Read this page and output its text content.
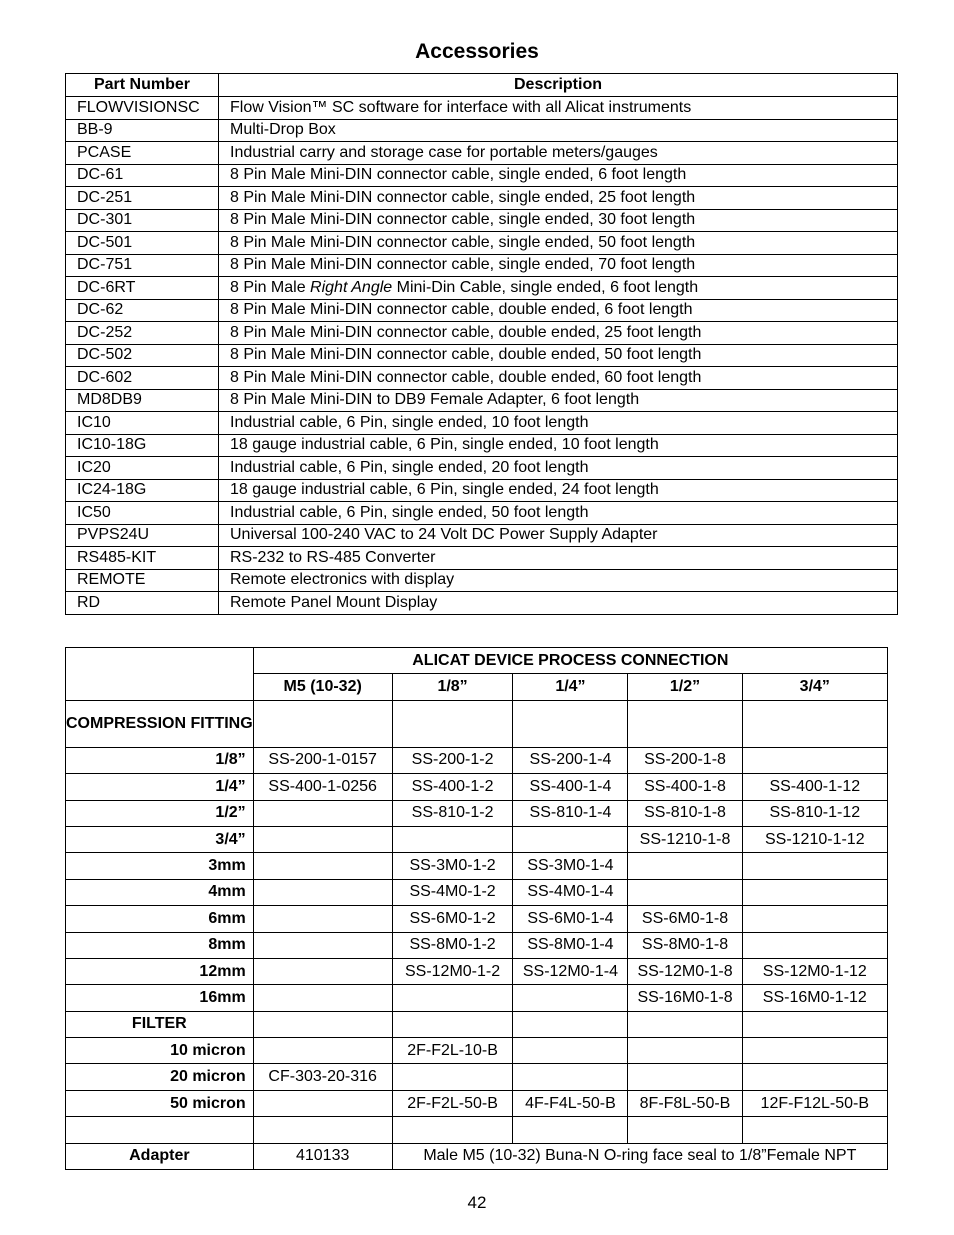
Accessories
Part Number	Description
FLOWVISIONSC	Flow Vision™ SC software for interface with all Alicat instruments
BB-9	Multi-Drop Box
PCASE	Industrial carry and storage case for portable meters/gauges
DC-61	8 Pin Male Mini-DIN connector cable, single ended, 6 foot length
DC-251	8 Pin Male Mini-DIN connector cable, single ended, 25 foot length
DC-301	8 Pin Male Mini-DIN connector cable, single ended, 30 foot length
DC-501	8 Pin Male Mini-DIN connector cable, single ended, 50 foot length
DC-751	8 Pin Male Mini-DIN connector cable, single ended, 70 foot length
DC-6RT	8 Pin Male Right Angle Mini-Din Cable, single ended, 6 foot length
DC-62	8 Pin Male Mini-DIN connector cable, double ended, 6 foot length
DC-252	8 Pin Male Mini-DIN connector cable, double ended, 25 foot length
DC-502	8 Pin Male Mini-DIN connector cable, double ended, 50 foot length
DC-602	8 Pin Male Mini-DIN connector cable, double ended, 60 foot length
MD8DB9	8 Pin Male Mini-DIN to DB9 Female Adapter, 6 foot length
IC10	Industrial cable, 6 Pin, single ended, 10 foot length
IC10-18G	18 gauge industrial cable, 6 Pin, single ended, 10 foot length
IC20	Industrial cable, 6 Pin, single ended, 20 foot length
IC24-18G	18 gauge industrial cable, 6 Pin, single ended, 24 foot length
IC50	Industrial cable, 6 Pin, single ended, 50 foot length
PVPS24U	Universal 100-240 VAC to 24 Volt DC Power Supply Adapter
RS485-KIT	RS-232 to RS-485 Converter
REMOTE	Remote electronics with display
RD	Remote Panel Mount Display
	ALICAT DEVICE PROCESS CONNECTION				
	M5 (10-32)	1/8”	1/4”	1/2”	3/4”
COMPRESSION FITTING					
1/8”	SS-200-1-0157	SS-200-1-2	SS-200-1-4	SS-200-1-8	
1/4”	SS-400-1-0256	SS-400-1-2	SS-400-1-4	SS-400-1-8	SS-400-1-12
1/2”		SS-810-1-2	SS-810-1-4	SS-810-1-8	SS-810-1-12
3/4”				SS-1210-1-8	SS-1210-1-12
3mm		SS-3M0-1-2	SS-3M0-1-4		
4mm		SS-4M0-1-2	SS-4M0-1-4		
6mm		SS-6M0-1-2	SS-6M0-1-4	SS-6M0-1-8	
8mm		SS-8M0-1-2	SS-8M0-1-4	SS-8M0-1-8	
12mm		SS-12M0-1-2	SS-12M0-1-4	SS-12M0-1-8	SS-12M0-1-12
16mm				SS-16M0-1-8	SS-16M0-1-12
FILTER					
10 micron		2F-F2L-10-B			
20 micron	CF-303-20-316				
50 micron		2F-F2L-50-B	4F-F4L-50-B	8F-F8L-50-B	12F-F12L-50-B

Adapter	410133	Male M5 (10-32) Buna-N O-ring face seal to 1/8”Female NPT			
42
